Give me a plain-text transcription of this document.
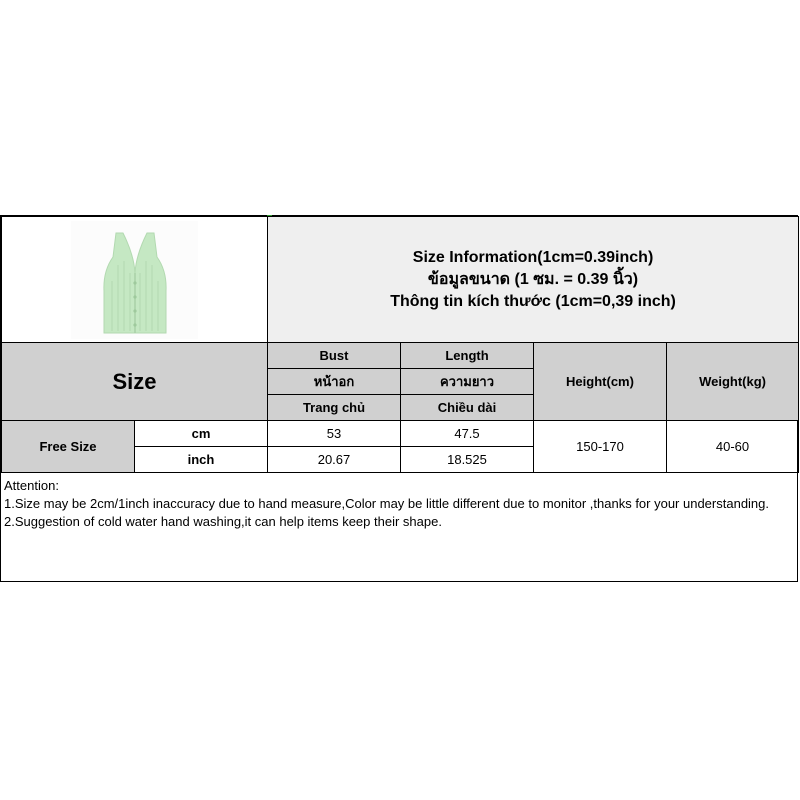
Size Information(1cm=0.39inch)
ข้อมูลขนาด (1 ซม. = 0.39 นิ้ว)
Thông tin kích thước (1cm=0,39 inch)			

Size		Bust	Length	Height(cm)	Weight(kg)
		หน้าอก	ความยาว		
		Trang chủ	Chiều dài		
Free Size	cm	53	47.5	150-170	40-60
	inch	20.67	18.525		
Attention:
1.Size may be 2cm/1inch inaccuracy due to hand measure,Color may be little different due to monitor ,thanks for your understanding.
2.Suggestion of cold water hand washing,it can help items keep their shape.
